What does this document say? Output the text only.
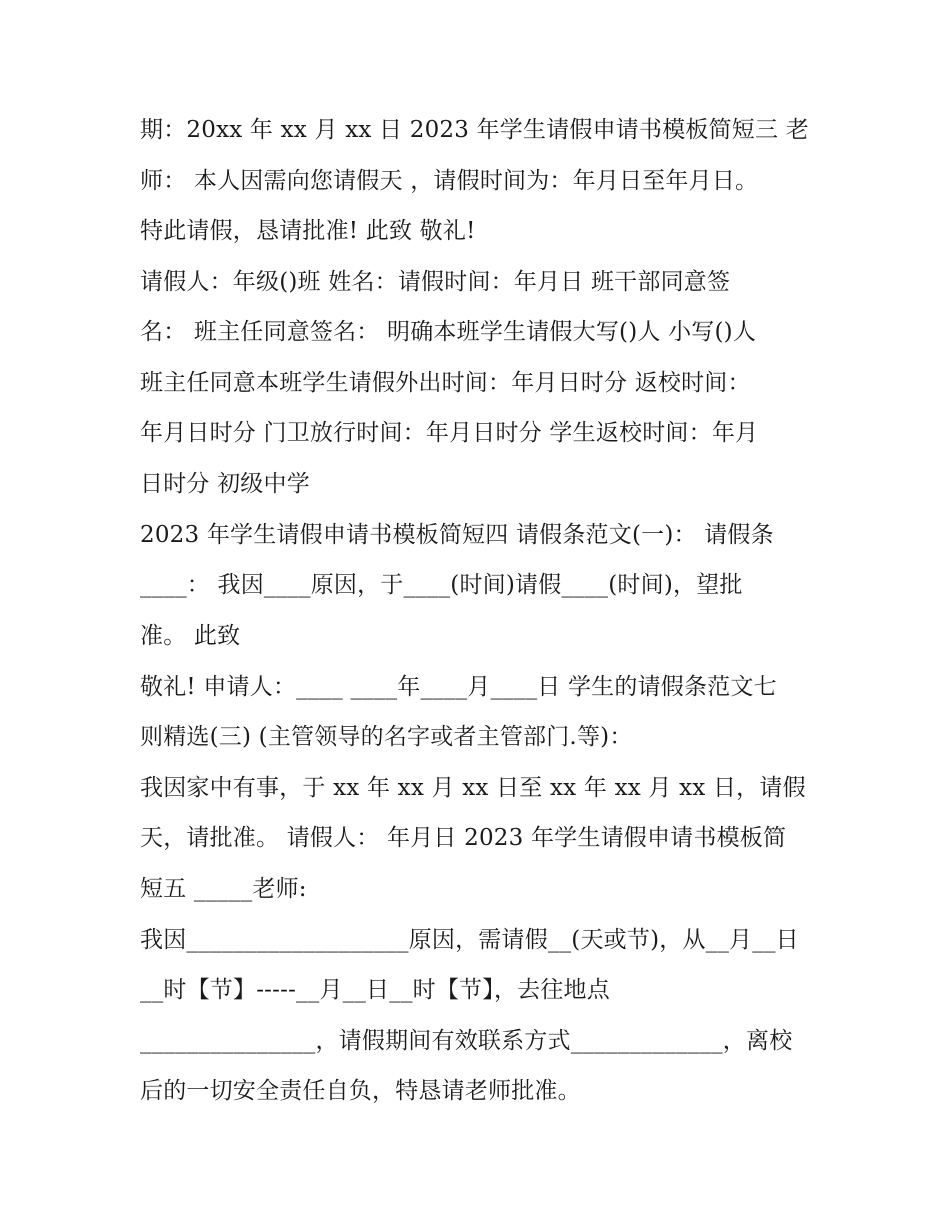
期：20xx 年 xx 月 xx 日 2023 年学生请假申请书模板简短三 老
师： 本人因需向您请假天 ，请假时间为：年月日至年月日。
特此请假，恳请批准! 此致 敬礼!
请假人：年级()班 姓名：请假时间：年月日 班干部同意签
名： 班主任同意签名： 明确本班学生请假大写()人 小写()人
班主任同意本班学生请假外出时间：年月日时分 返校时间：
年月日时分 门卫放行时间：年月日时分 学生返校时间：年月
日时分 初级中学
2023 年学生请假申请书模板简短四 请假条范文(一)： 请假条
____： 我因____原因，于____(时间)请假____(时间)，望批
准。 此致
敬礼! 申请人：____ ____年____月____日 学生的请假条范文七
则精选(三) (主管领导的名字或者主管部门.等)：
我因家中有事，于 xx 年 xx 月 xx 日至 xx 年 xx 月 xx 日，请假
天，请批准。 请假人： 年月日 2023 年学生请假申请书模板简
短五 _____老师:
我因___________________原因，需请假__(天或节)，从__月__日
__时【节】-----__月__日__时【节】，去往地点
_______________，请假期间有效联系方式_____________，离校
后的一切安全责任自负，特恳请老师批准。
